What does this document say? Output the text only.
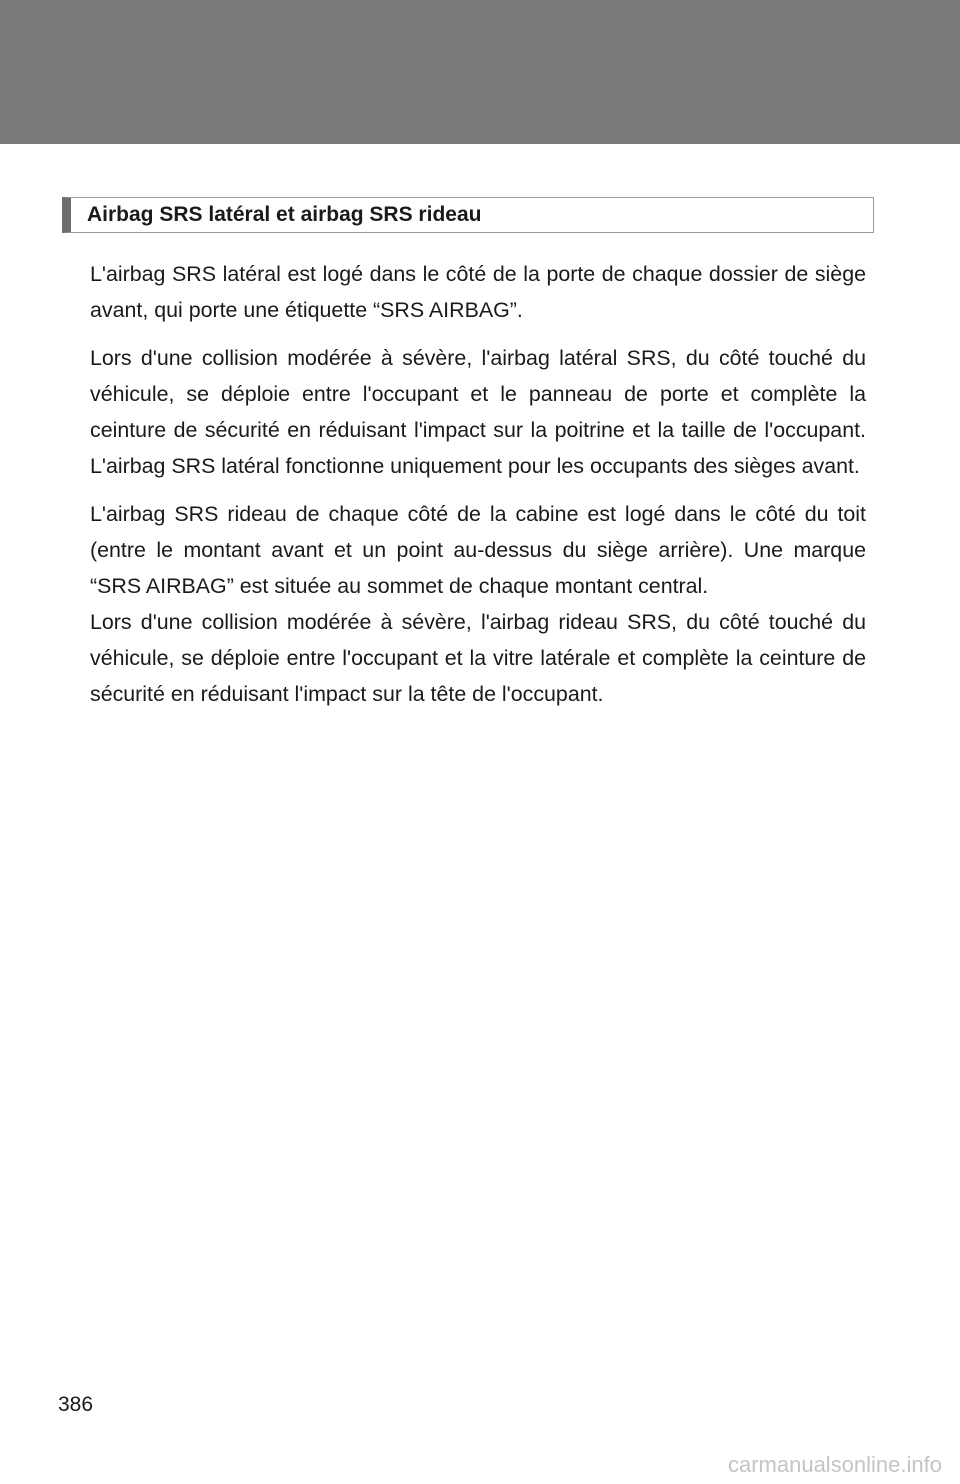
Airbag SRS latéral et airbag SRS rideau

L'airbag SRS latéral est logé dans le côté de la porte de chaque dossier de siège avant, qui porte une étiquette “SRS AIRBAG”.

Lors d'une collision modérée à sévère, l'airbag latéral SRS, du côté touché du véhicule, se déploie entre l'occupant et le panneau de porte et complète la ceinture de sécurité en réduisant l'impact sur la poitrine et la taille de l'occupant. L'airbag SRS latéral fonctionne uniquement pour les occupants des sièges avant.

L'airbag SRS rideau de chaque côté de la cabine est logé dans le côté du toit (entre le montant avant et un point au-dessus du siège arrière). Une marque “SRS AIRBAG” est située au sommet de chaque montant central.

Lors d'une collision modérée à sévère, l'airbag rideau SRS, du côté touché du véhicule, se déploie entre l'occupant et la vitre latérale et complète la ceinture de sécurité en réduisant l'impact sur la tête de l'occupant.

386
carmanualsonline.info
